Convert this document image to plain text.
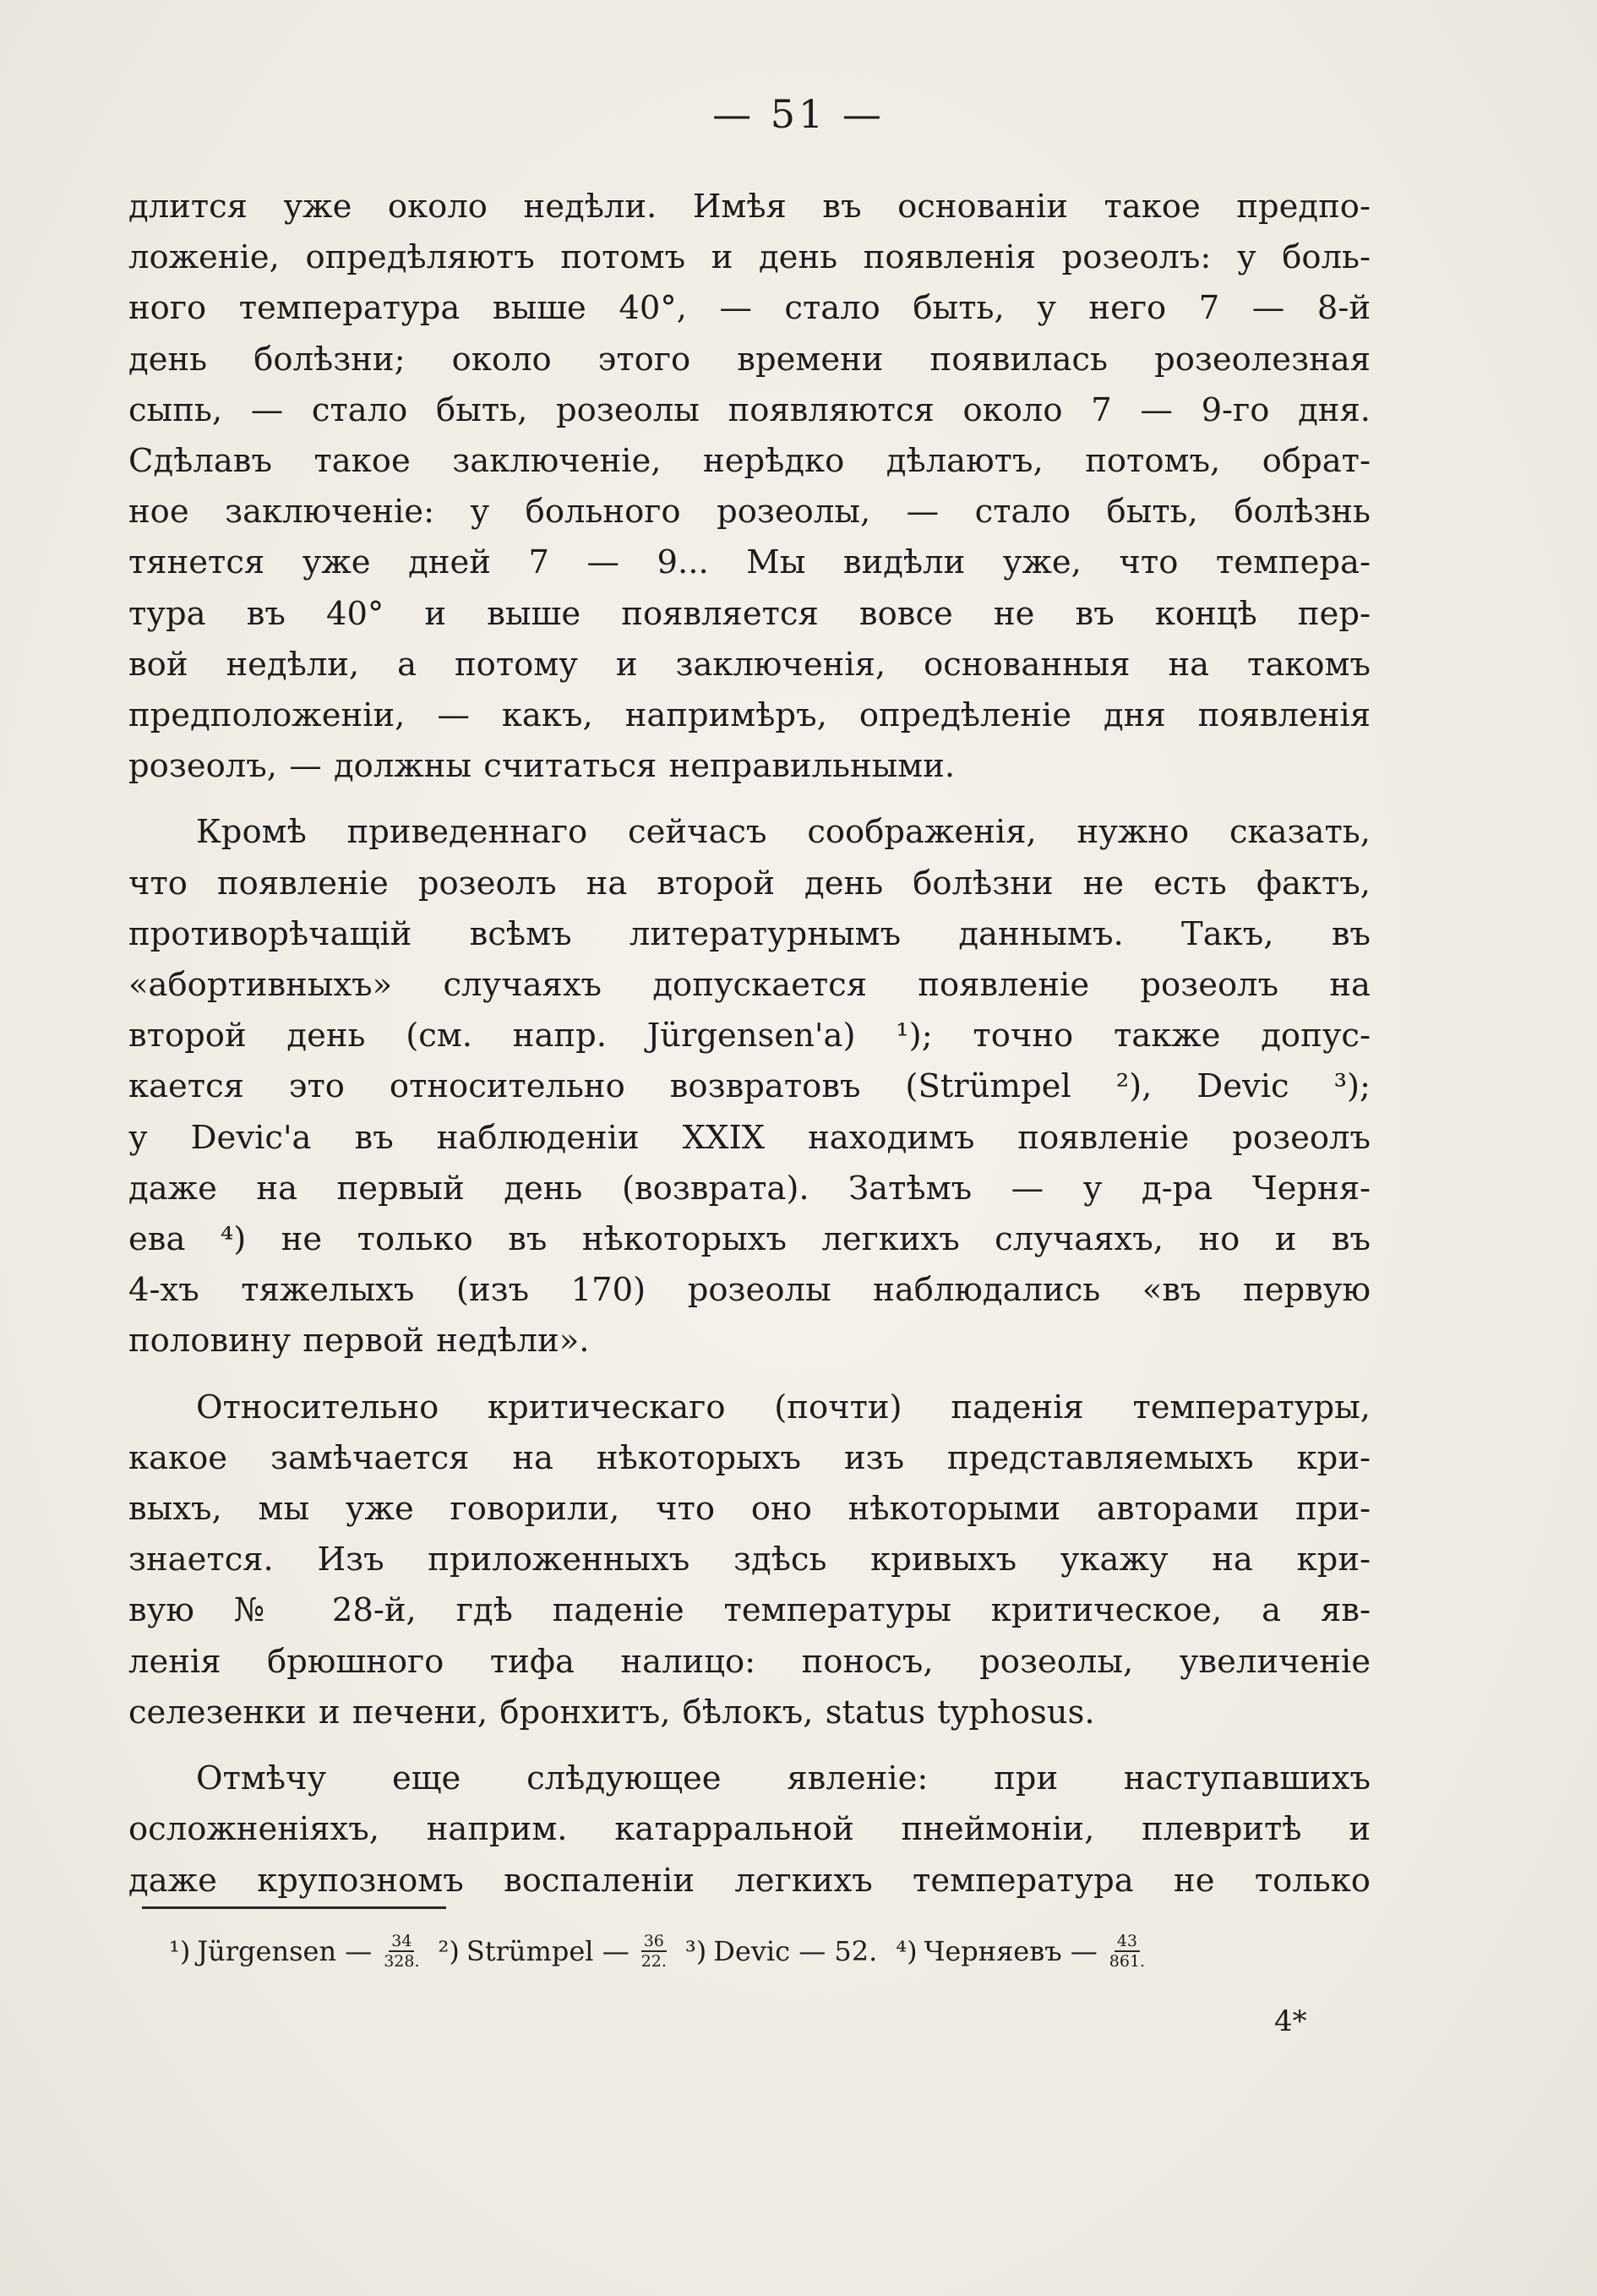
— 51 —

длится уже около недѣли. Имѣя въ основаніи такое предпо-
ложеніе, опредѣляютъ потомъ и день появленія розеолъ: у боль-
ного температура выше 40°, — стало быть, у него 7 — 8-й
день болѣзни; около этого времени появилась розеолезная
сыпь, — стало быть, розеолы появляются около 7 — 9-го дня.
Сдѣлавъ такое заключеніе, нерѣдко дѣлаютъ, потомъ, обрат-
ное заключеніе: у больного розеолы, — стало быть, болѣзнь
тянется уже дней 7 — 9... Мы видѣли уже, что темпера-
тура въ 40° и выше появляется вовсе не въ концѣ пер-
вой недѣли, а потому и заключенія, основанныя на такомъ
предположеніи, — какъ, напримѣръ, опредѣленіе дня появленія
розеолъ, — должны считаться неправильными.

Кромѣ приведеннаго сейчасъ соображенія, нужно сказать,
что появленіе розеолъ на второй день болѣзни не есть фактъ,
противорѣчащій всѣмъ литературнымъ даннымъ. Такъ, въ
«абортивныхъ» случаяхъ допускается появленіе розеолъ на
второй день (см. напр. Jürgensen'а) ¹); точно также допус-
кается это относительно возвратовъ (Strümpel ²), Devic ³);
у Devic'а въ наблюденіи XXIX находимъ появленіе розеолъ
даже на первый день (возврата). Затѣмъ — у д-ра Черня-
ева ⁴) не только въ нѣкоторыхъ легкихъ случаяхъ, но и въ
4-хъ тяжелыхъ (изъ 170) розеолы наблюдались «въ первую
половину первой недѣли».

Относительно критическаго (почти) паденія температуры,
какое замѣчается на нѣкоторыхъ изъ представляемыхъ кри-
выхъ, мы уже говорили, что оно нѣкоторыми авторами при-
знается. Изъ приложенныхъ здѣсь кривыхъ укажу на кри-
вую № 28-й, гдѣ паденіе температуры критическое, а яв-
ленія брюшного тифа налицо: поносъ, розеолы, увеличеніе
селезенки и печени, бронхитъ, бѣлокъ, status typhosus.

Отмѣчу еще слѣдующее явленіе: при наступавшихъ
осложненіяхъ, наприм. катарральной пнеймоніи, плевритѣ и
даже крупозномъ воспаленіи легкихъ температура не только

¹) Jürgensen — $\frac{34}{328.} ^2$) Strümpel — $\frac{36}{22.} ^3$) Devic — 52. ⁴) Черняевъ — $\frac{43}{861.}$
4*
